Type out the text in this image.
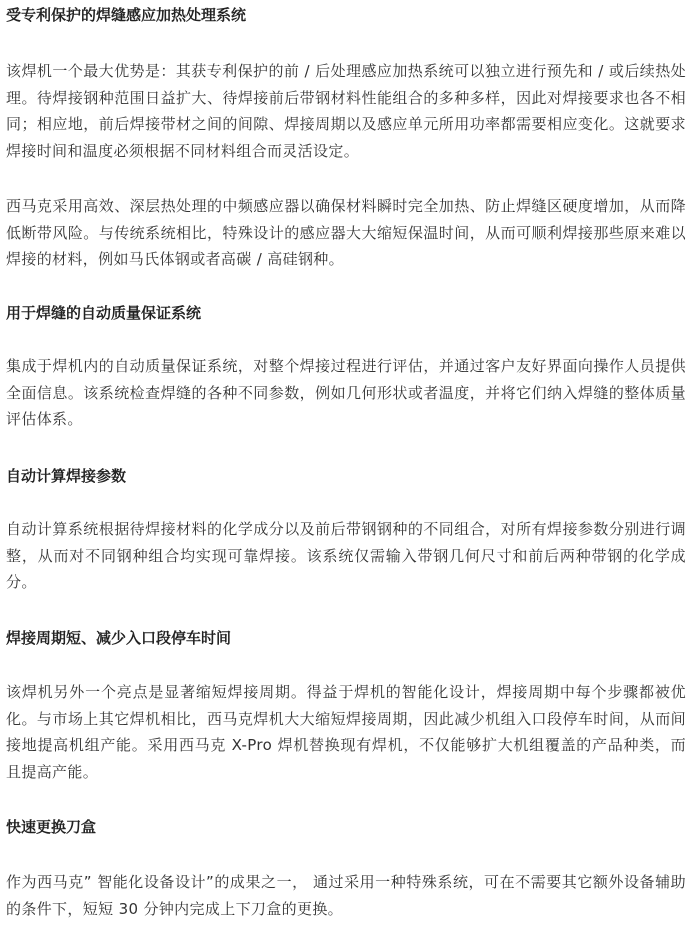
受专利保护的焊缝感应加热处理系统

该焊机一个最大优势是：其获专利保护的前 / 后处理感应加热系统可以独立进行预先和 / 或后续热处理。待焊接钢种范围日益扩大、待焊接前后带钢材料性能组合的多种多样，因此对焊接要求也各不相同；相应地，前后焊接带材之间的间隙、焊接周期以及感应单元所用功率都需要相应变化。这就要求焊接时间和温度必须根据不同材料组合而灵活设定。

西马克采用高效、深层热处理的中频感应器以确保材料瞬时完全加热、防止焊缝区硬度增加，从而降低断带风险。与传统系统相比，特殊设计的感应器大大缩短保温时间，从而可顺利焊接那些原来难以焊接的材料，例如马氏体钢或者高碳 / 高硅钢种。

用于焊缝的自动质量保证系统

集成于焊机内的自动质量保证系统，对整个焊接过程进行评估，并通过客户友好界面向操作人员提供全面信息。该系统检查焊缝的各种不同参数，例如几何形状或者温度，并将它们纳入焊缝的整体质量评估体系。

自动计算焊接参数

自动计算系统根据待焊接材料的化学成分以及前后带钢钢种的不同组合，对所有焊接参数分别进行调整，从而对不同钢种组合均实现可靠焊接。该系统仅需输入带钢几何尺寸和前后两种带钢的化学成分。

焊接周期短、减少入口段停车时间

该焊机另外一个亮点是显著缩短焊接周期。得益于焊机的智能化设计，焊接周期中每个步骤都被优化。与市场上其它焊机相比，西马克焊机大大缩短焊接周期，因此减少机组入口段停车时间，从而间接地提高机组产能。采用西马克 X-Pro 焊机替换现有焊机，不仅能够扩大机组覆盖的产品种类，而且提高产能。

快速更换刀盒

作为西马克” 智能化设备设计”的成果之一， 通过采用一种特殊系统，可在不需要其它额外设备辅助的条件下，短短 30 分钟内完成上下刀盒的更换。
